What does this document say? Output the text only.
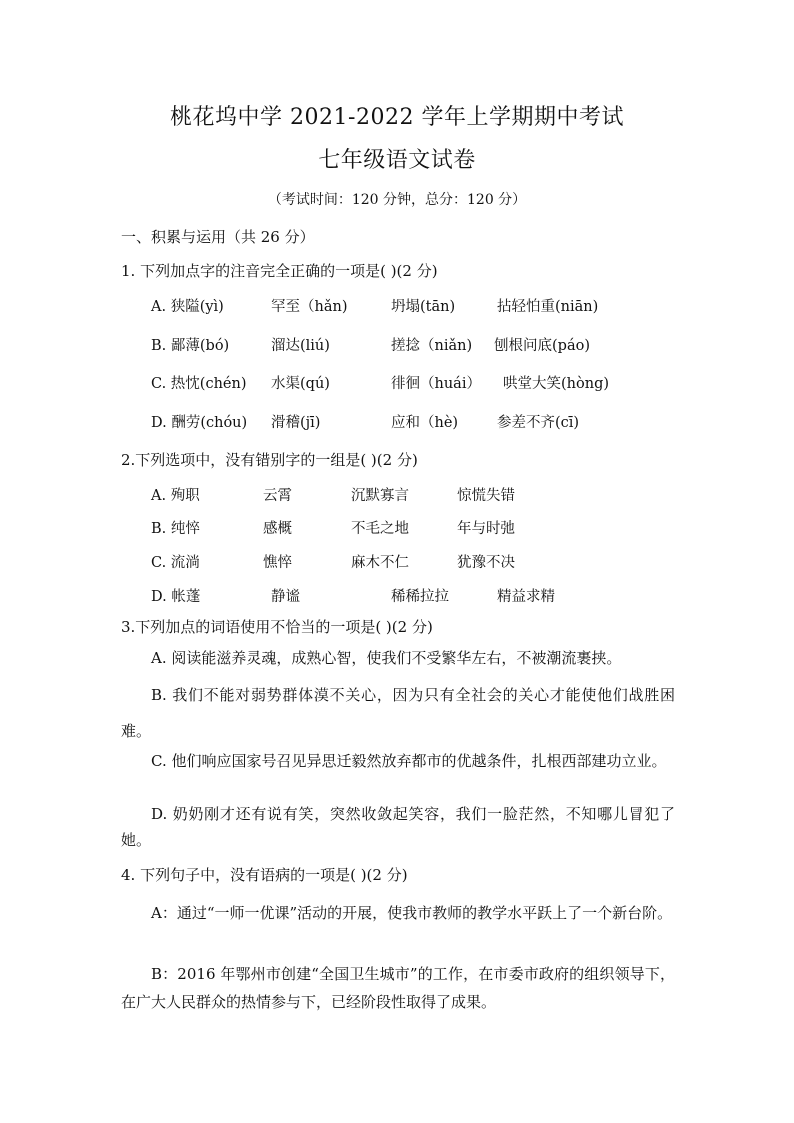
桃花坞中学 2021-2022 学年上学期期中考试
七年级语文试卷
（考试时间：120 分钟，总分：120 分）
一、积累与运用（共 26 分）
1. 下列加点字的注音完全正确的一项是( )(2 分)
A. 狭隘(yì)	罕至（hǎn)	坍塌(tān)	拈轻怕重(niān)
B. 鄙薄(bó)	溜达(liú)	搓捻（niǎn) 刨根问底(páo)
C. 热忱(chén) 水渠(qú)	徘徊（huái） 哄堂大笑(hòng)
D. 酬劳(chóu) 滑稽(jī)	应和（hè)	参差不齐(cī)
2.下列选项中，没有错别字的一组是( )(2 分)
A. 殉职	云霄	沉默寡言	惊慌失错
B. 纯悴	感概	不毛之地	年与时弛
C. 流淌	憔悴	麻木不仁	犹豫不决
D. 帐蓬	静谧	稀稀拉拉	精益求精
3.下列加点的词语使用不恰当的一项是( )(2 分)
A. 阅读能滋养灵魂，成熟心智，使我们不受繁华左右，不被潮流裹挟。
B. 我们不能对弱势群体漠不关心，因为只有全社会的关心才能使他们战胜困难。
C. 他们响应国家号召见异思迁毅然放弃都市的优越条件，扎根西部建功立业。
D. 奶奶刚才还有说有笑，突然收敛起笑容，我们一脸茫然，不知哪儿冒犯了她。
4. 下列句子中，没有语病的一项是( )(2 分)
A：通过“一师一优课”活动的开展，使我市教师的教学水平跃上了一个新台阶。
B：2016 年鄂州市创建“全国卫生城市”的工作，在市委市政府的组织领导下，在广大人民群众的热情参与下，已经阶段性取得了成果。
